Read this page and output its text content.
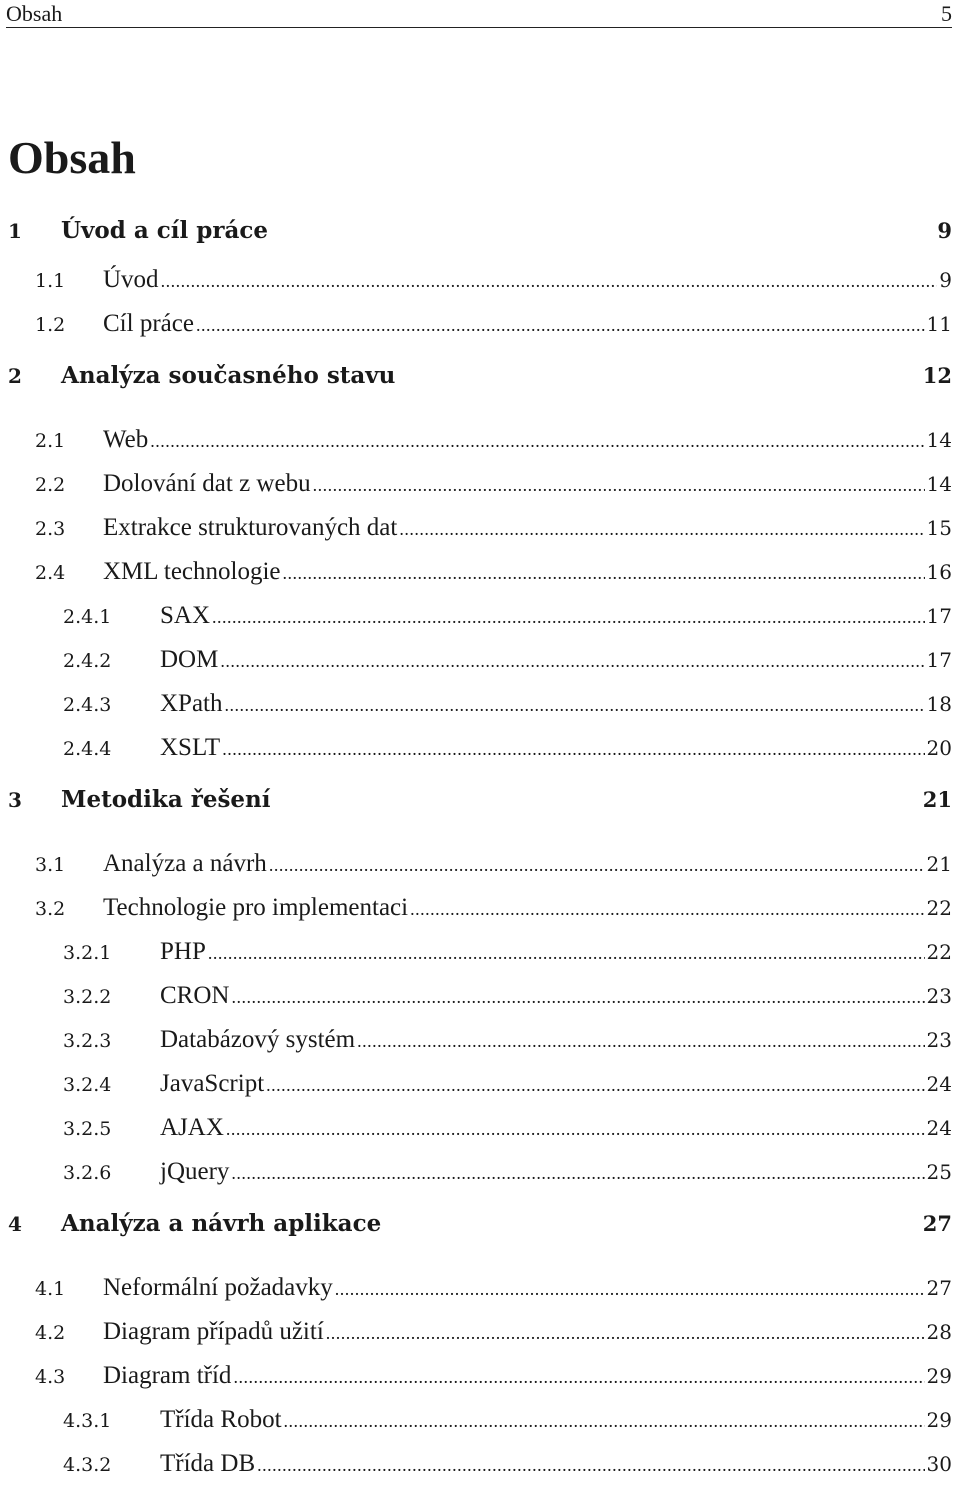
Obsah	5
Obsah
1	Úvod a cíl práce	9
1.1	Úvod .....	9
1.2	Cíl práce .....	11
2	Analýza současného stavu	12
2.1	Web .....	14
2.2	Dolování dat z webu .....	14
2.3	Extrakce strukturovaných dat .....	15
2.4	XML technologie .....	16
2.4.1	SAX .....	17
2.4.2	DOM .....	17
2.4.3	XPath .....	18
2.4.4	XSLT .....	20
3	Metodika řešení	21
3.1	Analýza a návrh .....	21
3.2	Technologie pro implementaci .....	22
3.2.1	PHP .....	22
3.2.2	CRON .....	23
3.2.3	Databázový systém .....	23
3.2.4	JavaScript .....	24
3.2.5	AJAX .....	24
3.2.6	jQuery .....	25
4	Analýza a návrh aplikace	27
4.1	Neformální požadavky .....	27
4.2	Diagram případů užití .....	28
4.3	Diagram tříd .....	29
4.3.1	Třída Robot .....	29
4.3.2	Třída DB .....	30
